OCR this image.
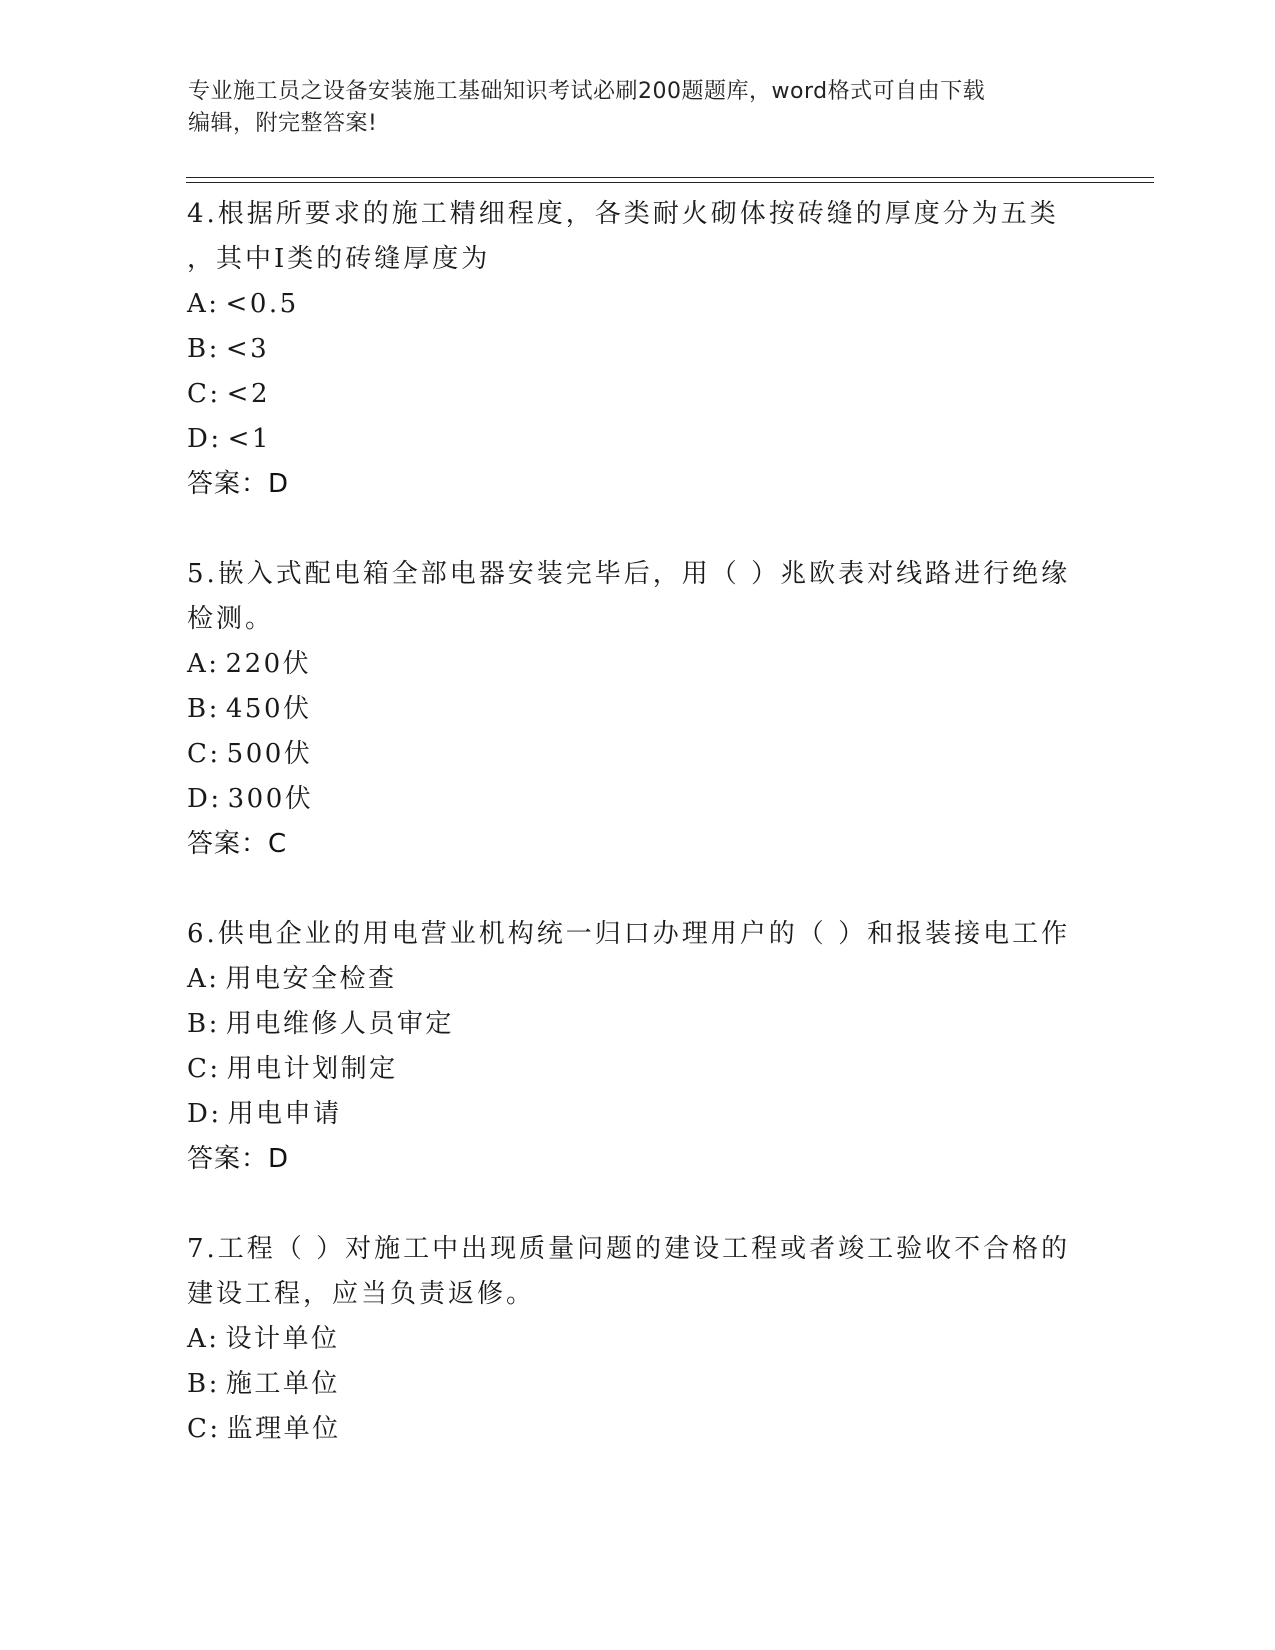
专业施工员之设备安装施工基础知识考试必刷200题题库，word格式可自由下载
编辑，附完整答案!
4.根据所要求的施工精细程度，各类耐火砌体按砖缝的厚度分为五类
，其中Ⅰ类的砖缝厚度为
A: <0.5
B: <3
C: <2
D: <1
答案：D
5.嵌入式配电箱全部电器安装完毕后，用（ ）兆欧表对线路进行绝缘
检测。
A: 220伏
B: 450伏
C: 500伏
D: 300伏
答案：C
6.供电企业的用电营业机构统一归口办理用户的（ ）和报装接电工作
A: 用电安全检查
B: 用电维修人员审定
C: 用电计划制定
D: 用电申请
答案：D
7.工程（ ）对施工中出现质量问题的建设工程或者竣工验收不合格的
建设工程，应当负责返修。
A: 设计单位
B: 施工单位
C: 监理单位
